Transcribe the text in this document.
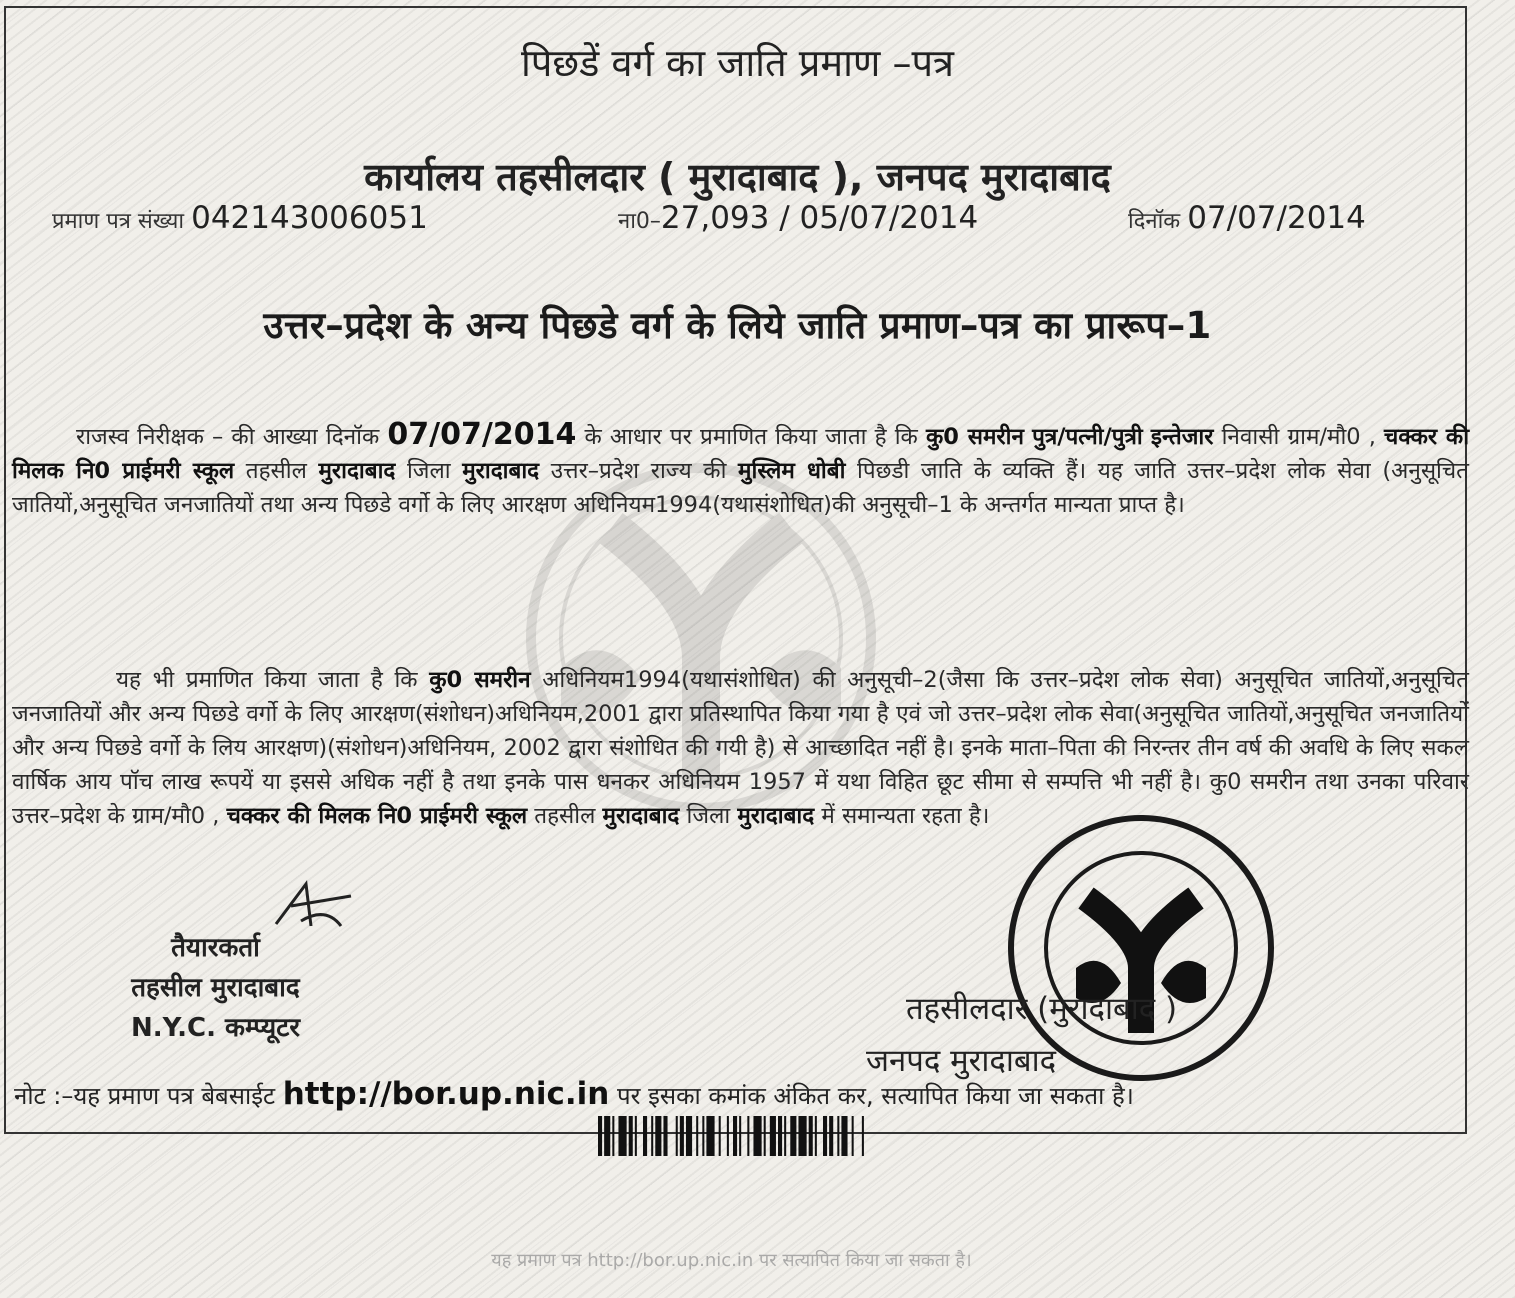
पिछडें वर्ग का जाति प्रमाण –पत्र
कार्यालय तहसीलदार ( मुरादाबाद ), जनपद मुरादाबाद
प्रमाण पत्र संख्या 042143006051	ना0–27,093 / 05/07/2014	दिनॉक 07/07/2014
उत्तर–प्रदेश के अन्य पिछडे वर्ग के लिये जाति प्रमाण–पत्र का प्रारूप–1
राजस्व निरीक्षक – की आख्या दिनॉक 07/07/2014 के आधार पर प्रमाणित किया जाता है कि कु0 समरीन पुत्र/पत्नी/पुत्री इन्तेजार निवासी ग्राम/मौ0 , चक्कर की मिलक नि0 प्राईमरी स्कूल तहसील मुरादाबाद जिला मुरादाबाद उत्तर–प्रदेश राज्य की मुस्लिम धोबी पिछडी जाति के व्यक्ति हैं। यह जाति उत्तर–प्रदेश लोक सेवा (अनुसूचित जातियों,अनुसूचित जनजातियों तथा अन्य पिछडे वर्गो के लिए आरक्षण अधिनियम1994(यथासंशोधित)की अनुसूची–1 के अन्तर्गत मान्यता प्राप्त है।
यह भी प्रमाणित किया जाता है कि कु0 समरीन अधिनियम1994(यथासंशोधित) की अनुसूची–2(जैसा कि उत्तर–प्रदेश लोक सेवा) अनुसूचित जातियों,अनुसूचित जनजातियों और अन्य पिछडे वर्गो के लिए आरक्षण(संशोधन)अधिनियम,2001 द्वारा प्रतिस्थापित किया गया है एवं जो उत्तर–प्रदेश लोक सेवा(अनुसूचित जातियों,अनुसूचित जनजातियों और अन्य पिछडे वर्गो के लिय आरक्षण)(संशोधन)अधिनियम, 2002 द्वारा संशोधित की गयी है) से आच्छादित नहीं है। इनके माता–पिता की निरन्तर तीन वर्ष की अवधि के लिए सकल वार्षिक आय पॉच लाख रूपयें या इससे अधिक नहीं है तथा इनके पास धनकर अधिनियम 1957 में यथा विहित छूट सीमा से सम्पत्ति भी नहीं है। कु0 समरीन तथा उनका परिवार उत्तर–प्रदेश के ग्राम/मौ0 , चक्कर की मिलक नि0 प्राईमरी स्कूल तहसील मुरादाबाद जिला मुरादाबाद में समान्यता रहता है।
तैयारकर्ता
तहसील मुरादाबाद
N.Y.C. कम्प्यूटर
तहसीलदार (मुरादाबाद )
जनपद मुरादाबाद
नोट :–यह प्रमाण पत्र बेबसाईट http://bor.up.nic.in पर इसका कमांक अंकित कर, सत्यापित किया जा सकता है।
यह प्रमाण पत्र http://bor.up.nic.in पर सत्यापित किया जा सकता है।
